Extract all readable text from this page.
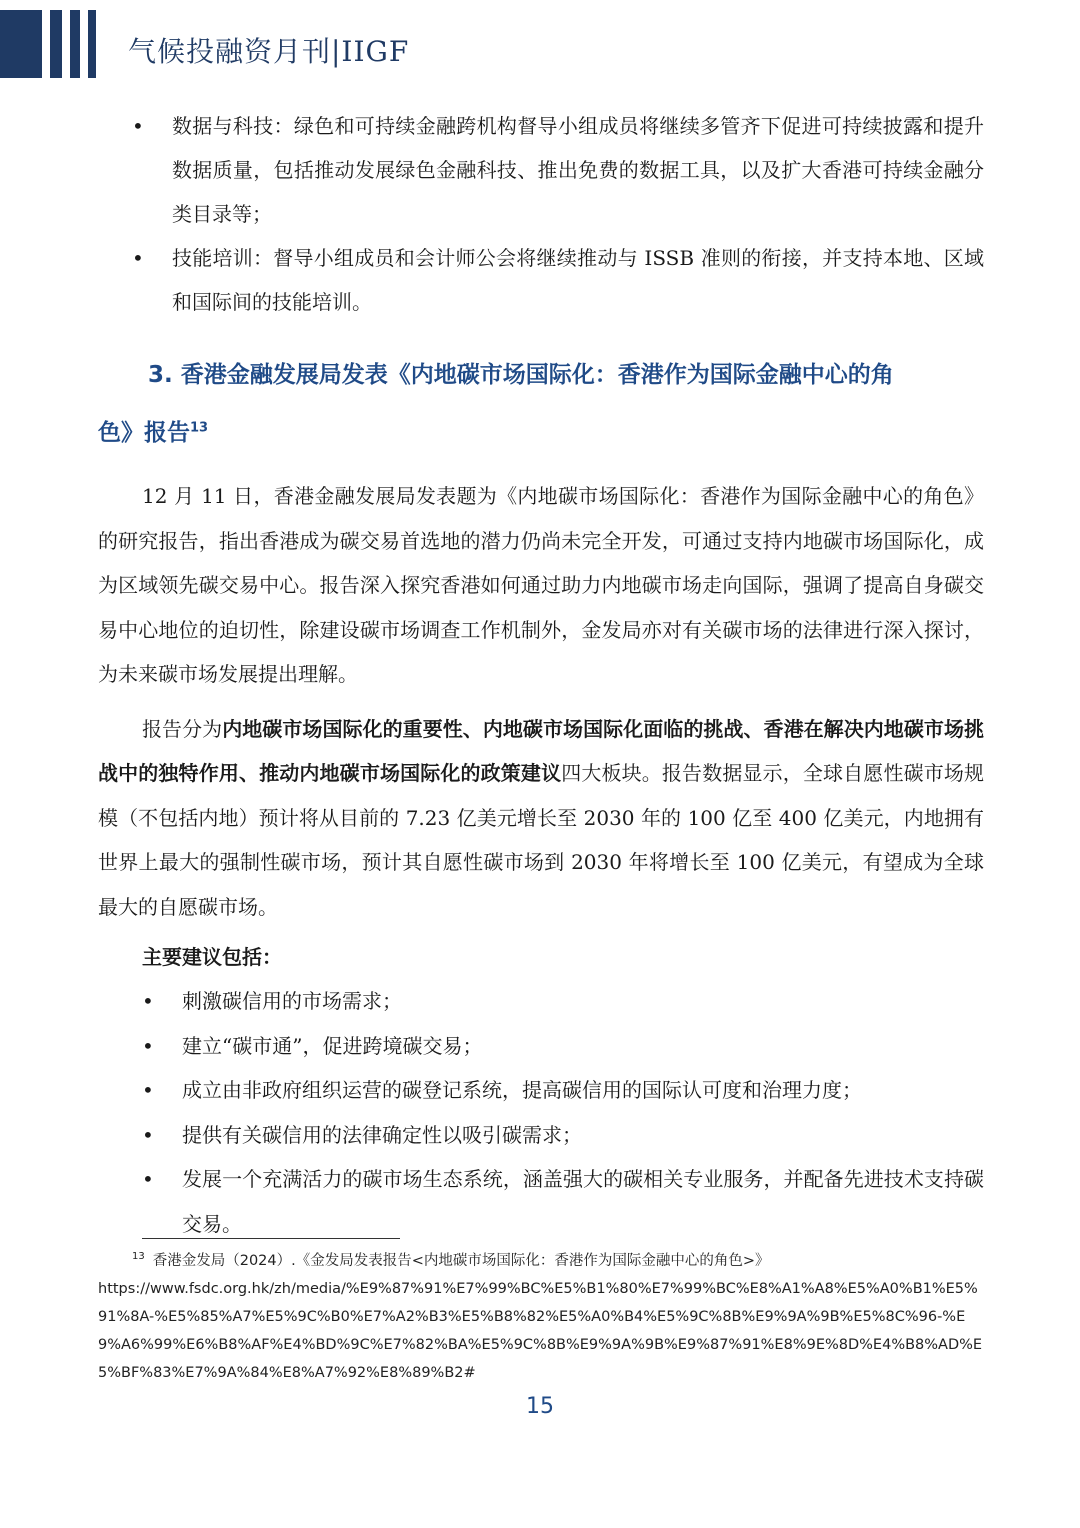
气候投融资月刊|IIGF
• 数据与科技：绿色和可持续金融跨机构督导小组成员将继续多管齐下促进可持续披露和提升数据质量，包括推动发展绿色金融科技、推出免费的数据工具，以及扩大香港可持续金融分类目录等；
• 技能培训：督导小组成员和会计师公会将继续推动与 ISSB 准则的衔接，并支持本地、区域和国际间的技能培训。
3. 香港金融发展局发表《内地碳市场国际化：香港作为国际金融中心的角
色》报告$^{13}$
12 月 11 日，香港金融发展局发表题为《内地碳市场国际化：香港作为国际金融中心的角色》的研究报告，指出香港成为碳交易首选地的潜力仍尚未完全开发，可通过支持内地碳市场国际化，成为区域领先碳交易中心。报告深入探究香港如何通过助力内地碳市场走向国际，强调了提高自身碳交易中心地位的迫切性，除建设碳市场调查工作机制外，金发局亦对有关碳市场的法律进行深入探讨，为未来碳市场发展提出理解。
报告分为内地碳市场国际化的重要性、内地碳市场国际化面临的挑战、香港在解决内地碳市场挑战中的独特作用、推动内地碳市场国际化的政策建议四大板块。报告数据显示，全球自愿性碳市场规模（不包括内地）预计将从目前的 7.23 亿美元增长至 2030 年的 100 亿至 400 亿美元，内地拥有世界上最大的强制性碳市场，预计其自愿性碳市场到 2030 年将增长至 100 亿美元，有望成为全球最大的自愿碳市场。
主要建议包括：
• 刺激碳信用的市场需求；
• 建立“碳市通”，促进跨境碳交易；
• 成立由非政府组织运营的碳登记系统，提高碳信用的国际认可度和治理力度；
• 提供有关碳信用的法律确定性以吸引碳需求；
• 发展一个充满活力的碳市场生态系统，涵盖强大的碳相关专业服务，并配备先进技术支持碳交易。
$^{13}$ 香港金发局（2024）.《金发局发表报告<内地碳市场国际化：香港作为国际金融中心的角色>》
https://www.fsdc.org.hk/zh/media/%E9%87%91%E7%99%BC%E5%B1%80%E7%99%BC%E8%A1%A8%E5%A0%B1%E5%91%8A-%E5%85%A7%E5%9C%B0%E7%A2%B3%E5%B8%82%E5%A0%B4%E5%9C%8B%E9%9A%9B%E5%8C%96-%E9%A6%99%E6%B8%AF%E4%BD%9C%E7%82%BA%E5%9C%8B%E9%9A%9B%E9%87%91%E8%9E%8D%E4%B8%AD%E5%BF%83%E7%9A%84%E8%A7%92%E8%89%B2#
15
